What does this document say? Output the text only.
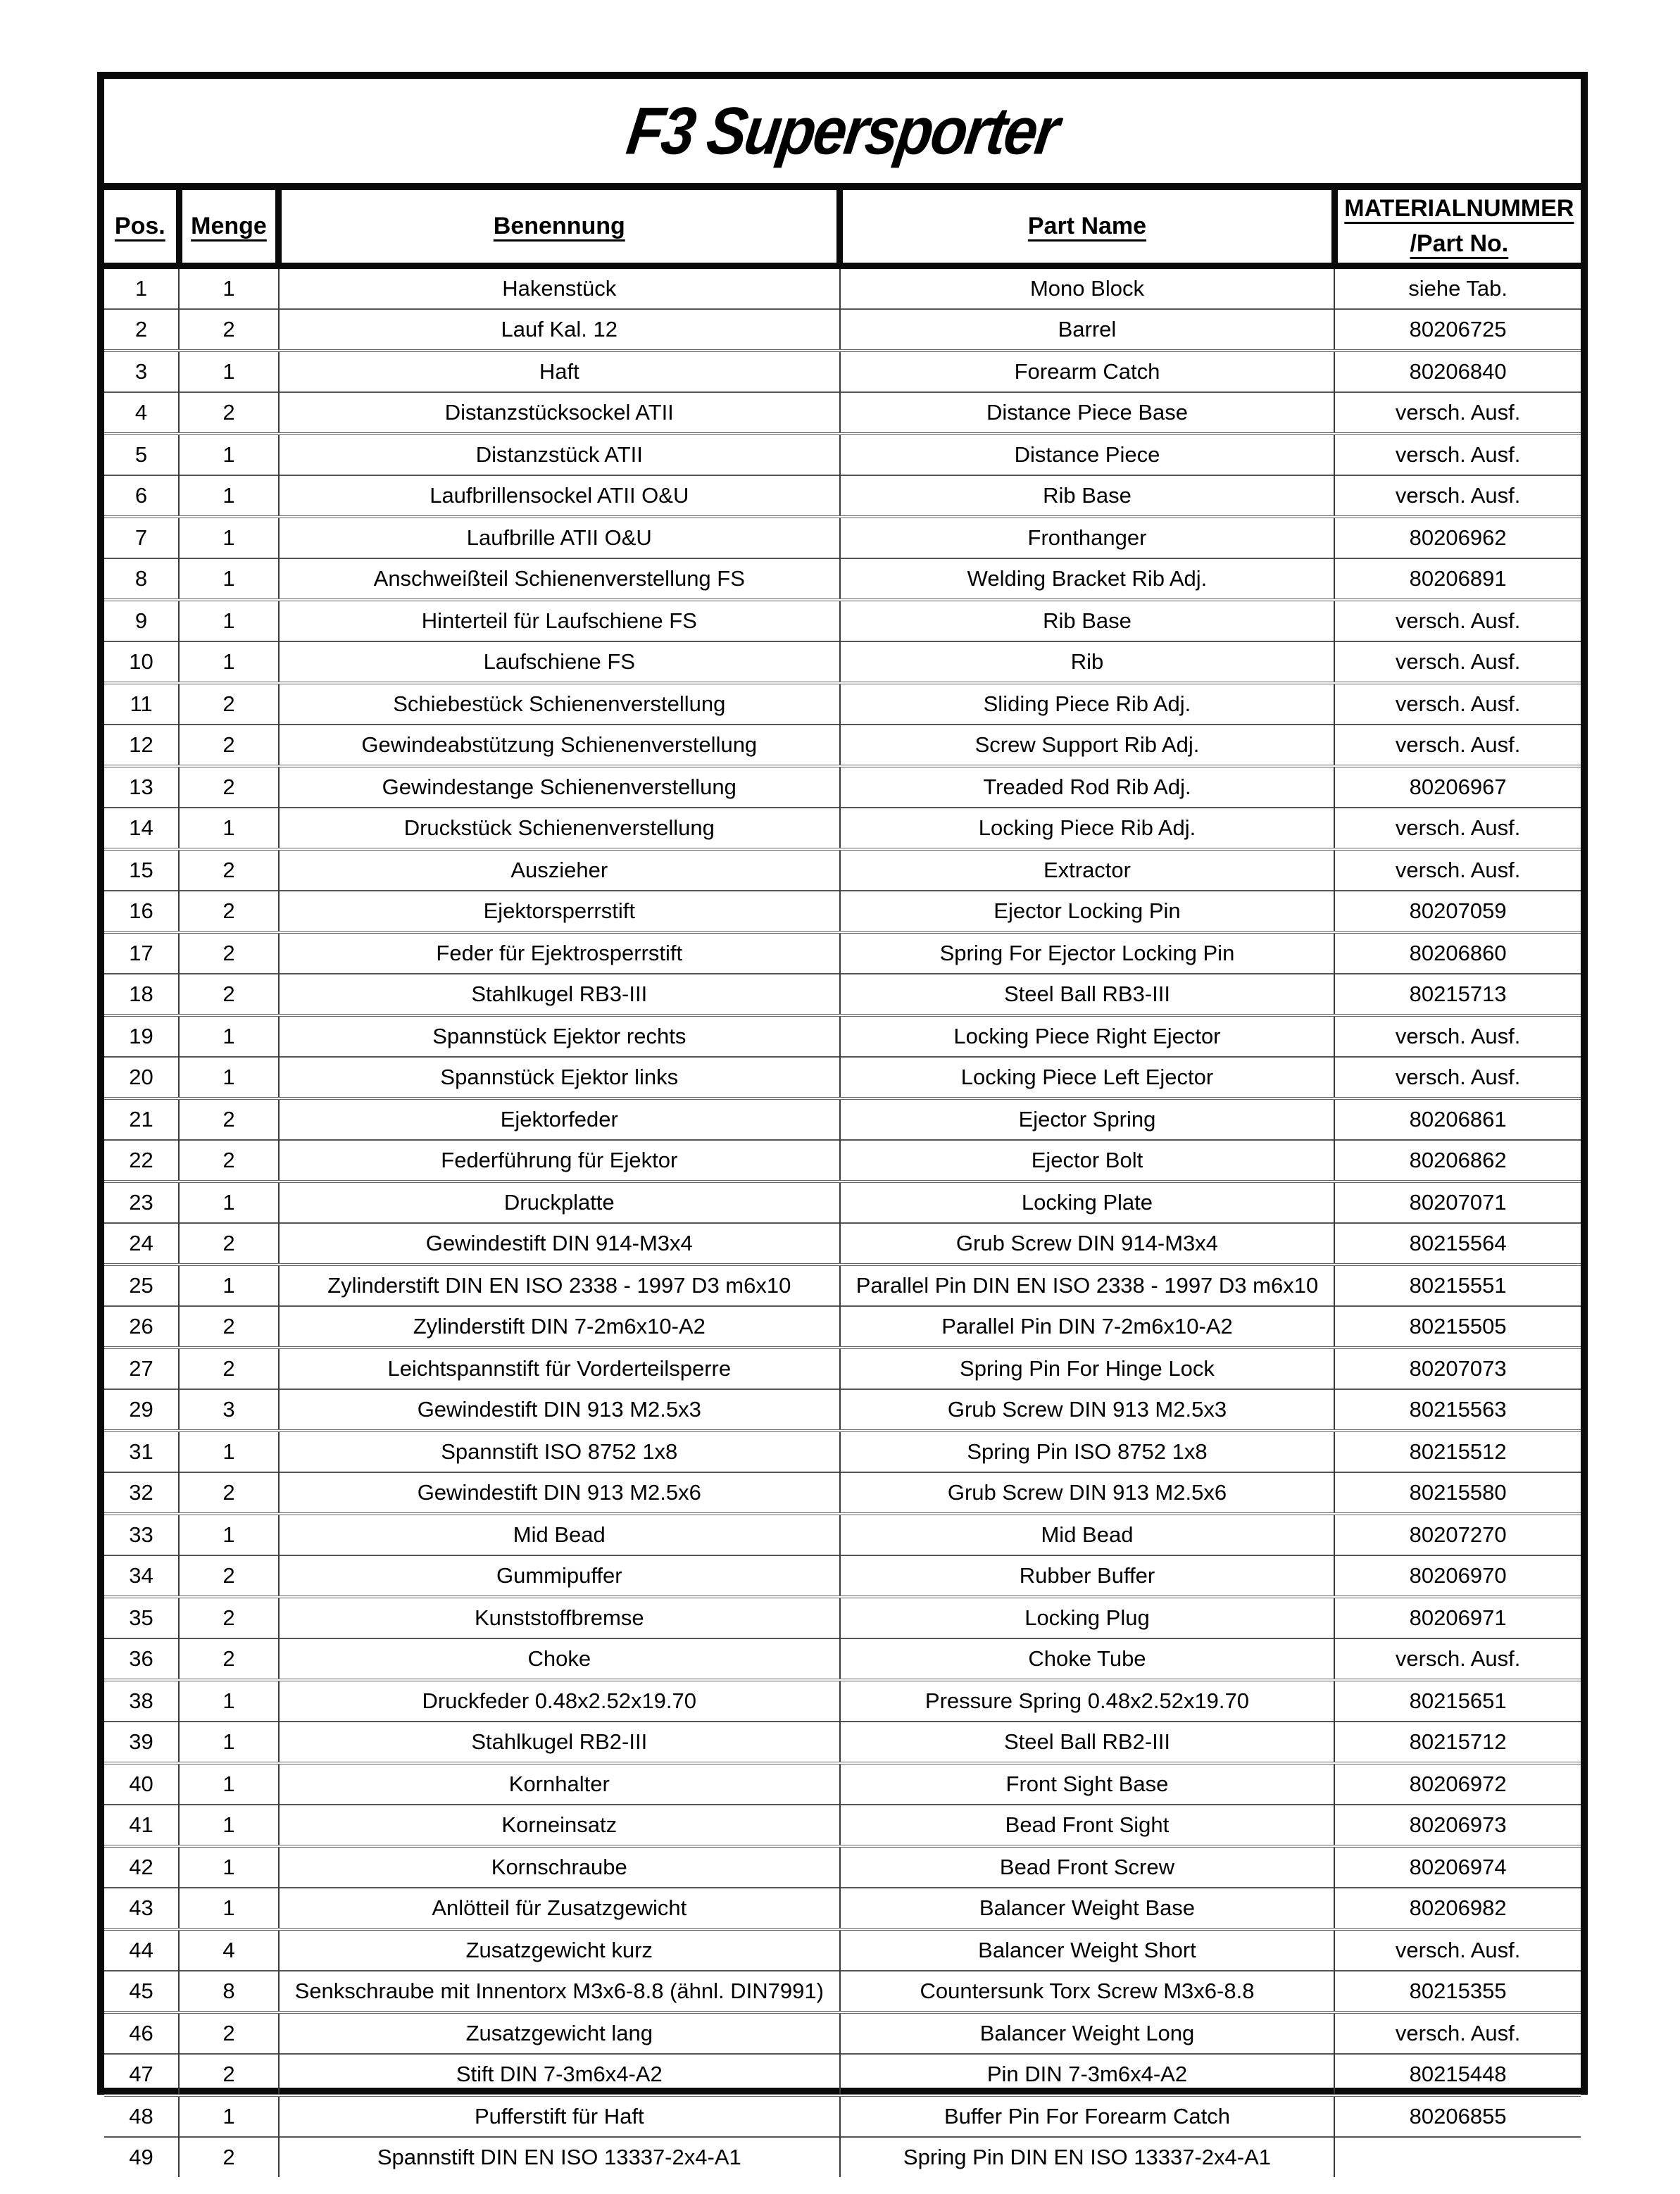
F3 Supersporter
Pos.	Menge	Benennung	Part Name	MATERIALNUMMER
/Part No.

1	1	Hakenstück	Mono Block	siehe Tab.
2	2	Lauf Kal. 12	Barrel	80206725
3	1	Haft	Forearm Catch	80206840
4	2	Distanzstücksockel ATII	Distance Piece Base	versch. Ausf.
5	1	Distanzstück ATII	Distance Piece	versch. Ausf.
6	1	Laufbrillensockel ATII O&U	Rib Base	versch. Ausf.
7	1	Laufbrille ATII O&U	Fronthanger	80206962
8	1	Anschweißteil Schienenverstellung FS	Welding Bracket Rib Adj.	80206891
9	1	Hinterteil für Laufschiene FS	Rib Base	versch. Ausf.
10	1	Laufschiene FS	Rib	versch. Ausf.
11	2	Schiebestück Schienenverstellung	Sliding Piece Rib Adj.	versch. Ausf.
12	2	Gewindeabstützung Schienenverstellung	Screw Support Rib Adj.	versch. Ausf.
13	2	Gewindestange Schienenverstellung	Treaded Rod Rib Adj.	80206967
14	1	Druckstück Schienenverstellung	Locking Piece Rib Adj.	versch. Ausf.
15	2	Auszieher	Extractor	versch. Ausf.
16	2	Ejektorsperrstift	Ejector Locking Pin	80207059
17	2	Feder für Ejektrosperrstift	Spring For Ejector Locking Pin	80206860
18	2	Stahlkugel RB3-III	Steel Ball RB3-III	80215713
19	1	Spannstück Ejektor rechts	Locking Piece Right Ejector	versch. Ausf.
20	1	Spannstück Ejektor links	Locking Piece Left Ejector	versch. Ausf.
21	2	Ejektorfeder	Ejector Spring	80206861
22	2	Federführung für Ejektor	Ejector Bolt	80206862
23	1	Druckplatte	Locking Plate	80207071
24	2	Gewindestift DIN 914-M3x4	Grub Screw DIN 914-M3x4	80215564
25	1	Zylinderstift DIN EN ISO 2338 - 1997 D3 m6x10	Parallel Pin DIN EN ISO 2338 - 1997 D3 m6x10	80215551
26	2	Zylinderstift DIN 7-2m6x10-A2	Parallel Pin DIN 7-2m6x10-A2	80215505
27	2	Leichtspannstift für Vorderteilsperre	Spring Pin For Hinge Lock	80207073
29	3	Gewindestift DIN 913 M2.5x3	Grub Screw DIN 913 M2.5x3	80215563
31	1	Spannstift ISO 8752 1x8	Spring Pin ISO 8752 1x8	80215512
32	2	Gewindestift DIN 913 M2.5x6	Grub Screw DIN 913 M2.5x6	80215580
33	1	Mid Bead	Mid Bead	80207270
34	2	Gummipuffer	Rubber Buffer	80206970
35	2	Kunststoffbremse	Locking Plug	80206971
36	2	Choke	Choke Tube	versch. Ausf.
38	1	Druckfeder 0.48x2.52x19.70	Pressure Spring 0.48x2.52x19.70	80215651
39	1	Stahlkugel RB2-III	Steel Ball RB2-III	80215712
40	1	Kornhalter	Front Sight Base	80206972
41	1	Korneinsatz	Bead Front Sight	80206973
42	1	Kornschraube	Bead Front Screw	80206974
43	1	Anlötteil für Zusatzgewicht	Balancer Weight Base	80206982
44	4	Zusatzgewicht kurz	Balancer Weight Short	versch. Ausf.
45	8	Senkschraube mit Innentorx M3x6-8.8 (ähnl. DIN7991)	Countersunk Torx Screw M3x6-8.8	80215355
46	2	Zusatzgewicht lang	Balancer Weight Long	versch. Ausf.
47	2	Stift DIN 7-3m6x4-A2	Pin DIN 7-3m6x4-A2	80215448
48	1	Pufferstift für Haft	Buffer Pin For Forearm Catch	80206855
49	2	Spannstift DIN EN ISO 13337-2x4-A1	Spring Pin DIN EN ISO 13337-2x4-A1	
